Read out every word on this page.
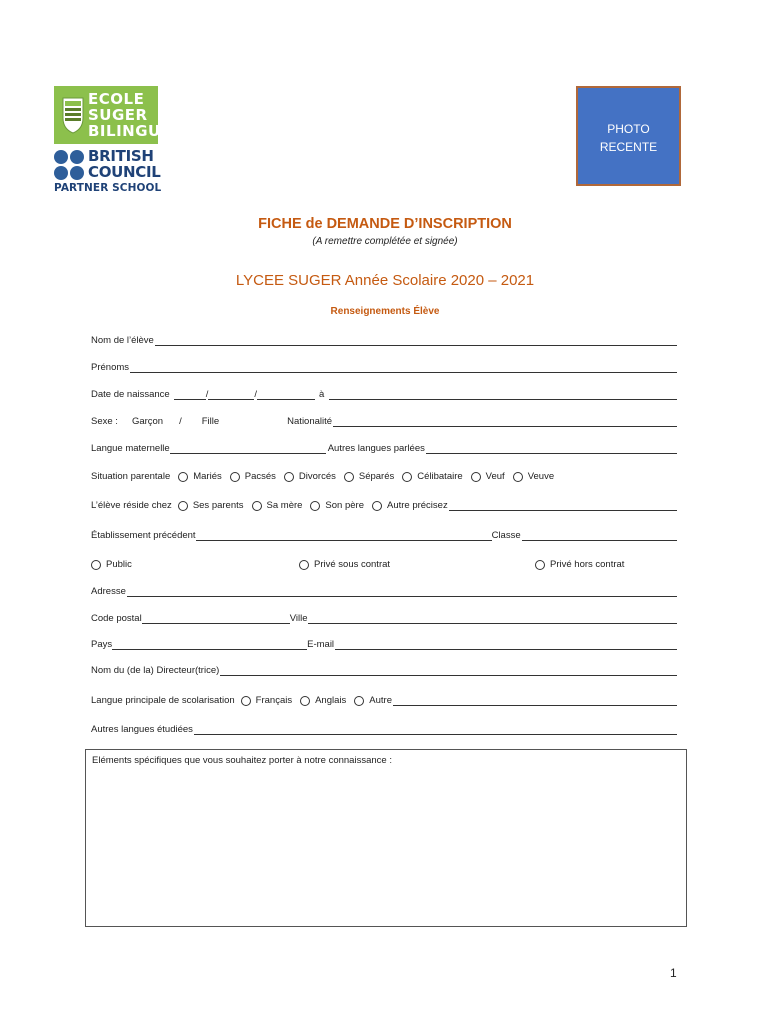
ECOLE
SUGER
BILINGUE
BRITISH
COUNCIL
PARTNER SCHOOL
PHOTO
RECENTE
FICHE de DEMANDE D’INSCRIPTION
(A remettre complétée et signée)
LYCEE SUGER Année Scolaire 2020 – 2021
Renseignements Élève
Nom de l’élève
Prénoms
Date de naissance	/	/	à
Sexe : Garçon / Fille	Nationalité
Langue maternelle	Autres langues parlées
Situation parentale Mariés Pacsés Divorcés Séparés Célibataire Veuf Veuve
L’élève réside chez Ses parents Sa mère Son père Autre précisez
Établissement précédent	Classe
Public	Privé sous contrat	Privé hors contrat
Adresse
Code postal	Ville
Pays	E-mail
Nom du (de la) Directeur(trice)
Langue principale de scolarisation Français Anglais Autre
Autres langues étudiées
Eléments spécifiques que vous souhaitez porter à notre connaissance :
1
